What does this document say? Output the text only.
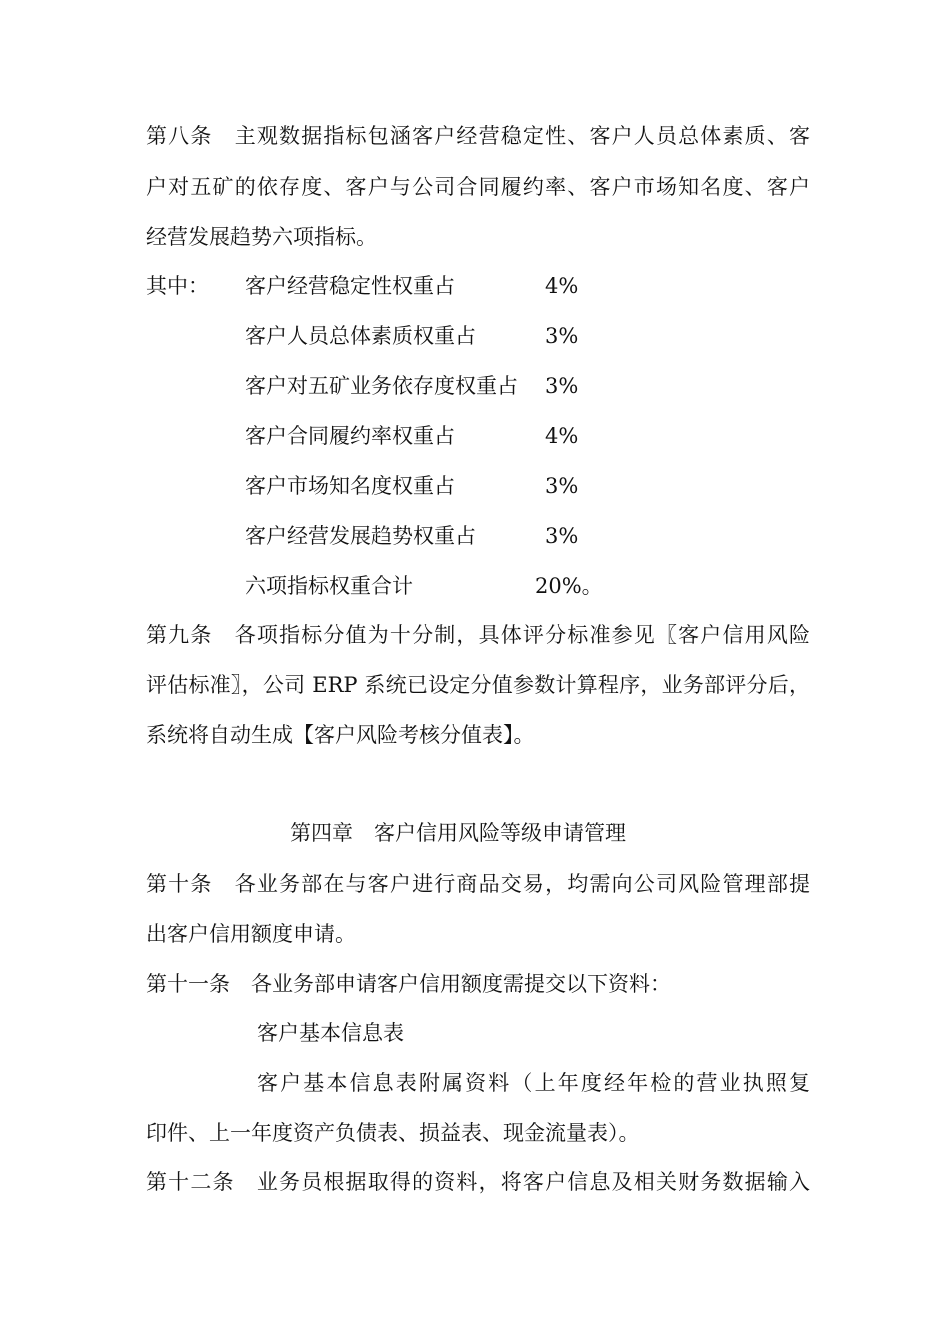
第八条　主观数据指标包涵客户经营稳定性、客户人员总体素质、客
户对五矿的依存度、客户与公司合同履约率、客户市场知名度、客户
经营发展趋势六项指标。
其中：	客户经营稳定性权重占	4%
客户人员总体素质权重占	3%
客户对五矿业务依存度权重占 3%
客户合同履约率权重占	4%
客户市场知名度权重占	3%
客户经营发展趋势权重占	3%
六项指标权重合计	20%。
第九条　各项指标分值为十分制，具体评分标准参见〖客户信用风险
评估标准〗，公司 ERP 系统已设定分值参数计算程序，业务部评分后，
系统将自动生成【客户风险考核分值表】。
第四章　客户信用风险等级申请管理
第十条　各业务部在与客户进行商品交易，均需向公司风险管理部提
出客户信用额度申请。
第十一条　各业务部申请客户信用额度需提交以下资料：
客户基本信息表
客户基本信息表附属资料（上年度经年检的营业执照复
印件、上一年度资产负债表、损益表、现金流量表）。
第十二条　业务员根据取得的资料，将客户信息及相关财务数据输入
